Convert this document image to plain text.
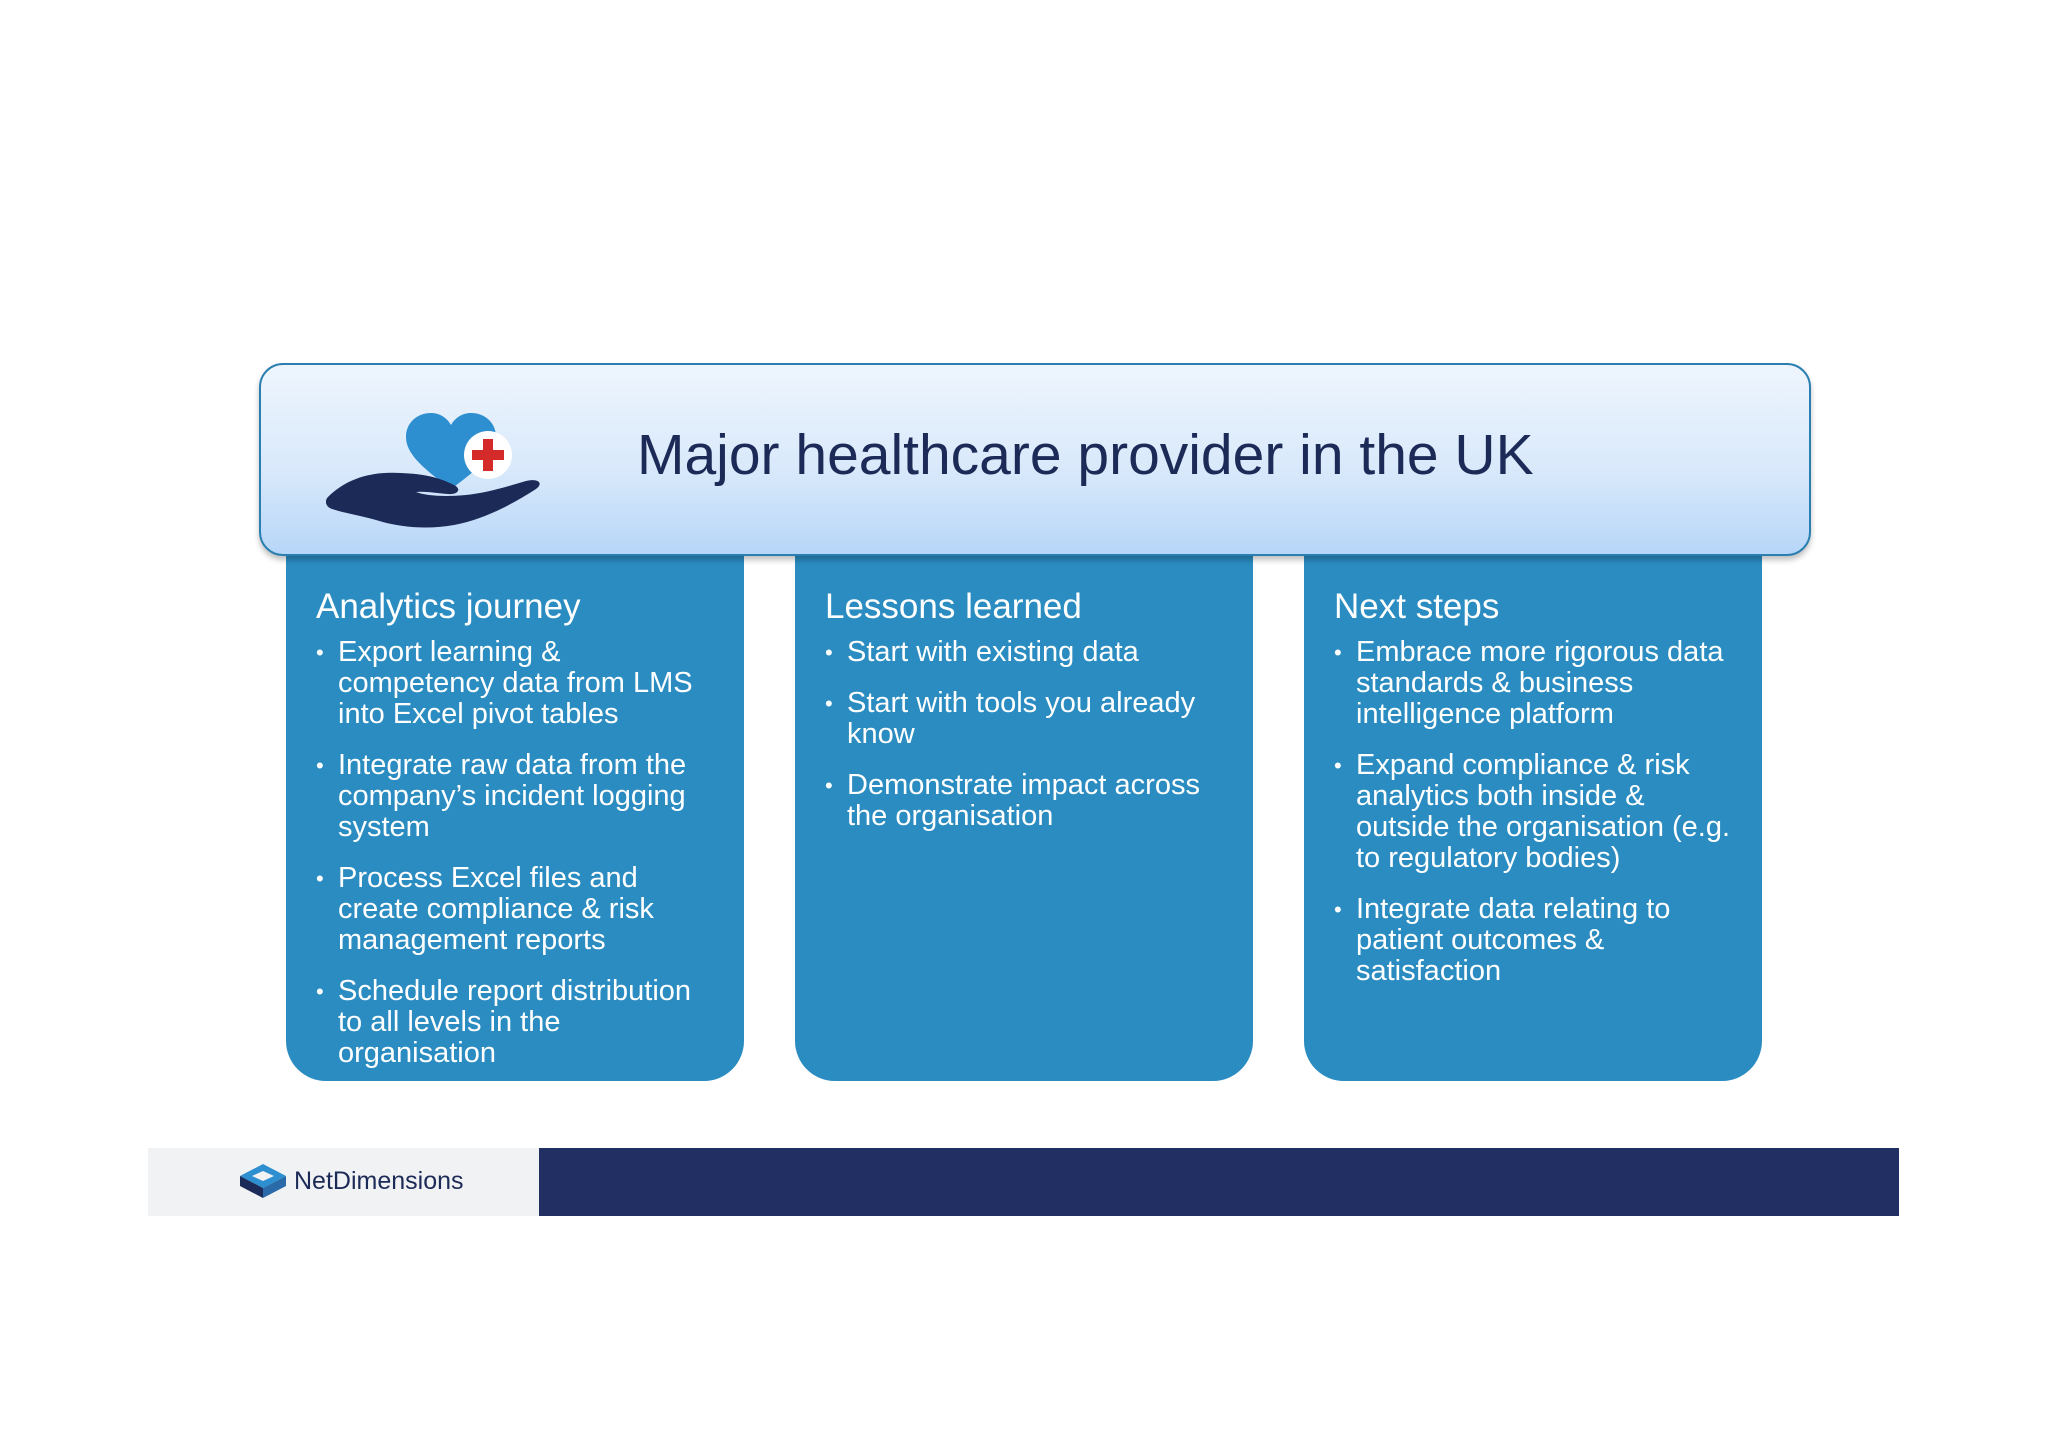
Major healthcare provider in the UK
Analytics journey
• Export learning & competency data from LMS into Excel pivot tables
• Integrate raw data from the company’s incident logging system
• Process Excel files and create compliance & risk management reports
• Schedule report distribution to all levels in the organisation
Lessons learned
• Start with existing data
• Start with tools you already know
• Demonstrate impact across the organisation
Next steps
• Embrace more rigorous data standards & business intelligence platform
• Expand compliance & risk analytics both inside & outside the organisation (e.g. to regulatory bodies)
• Integrate data relating to patient outcomes & satisfaction
NetDimensions
